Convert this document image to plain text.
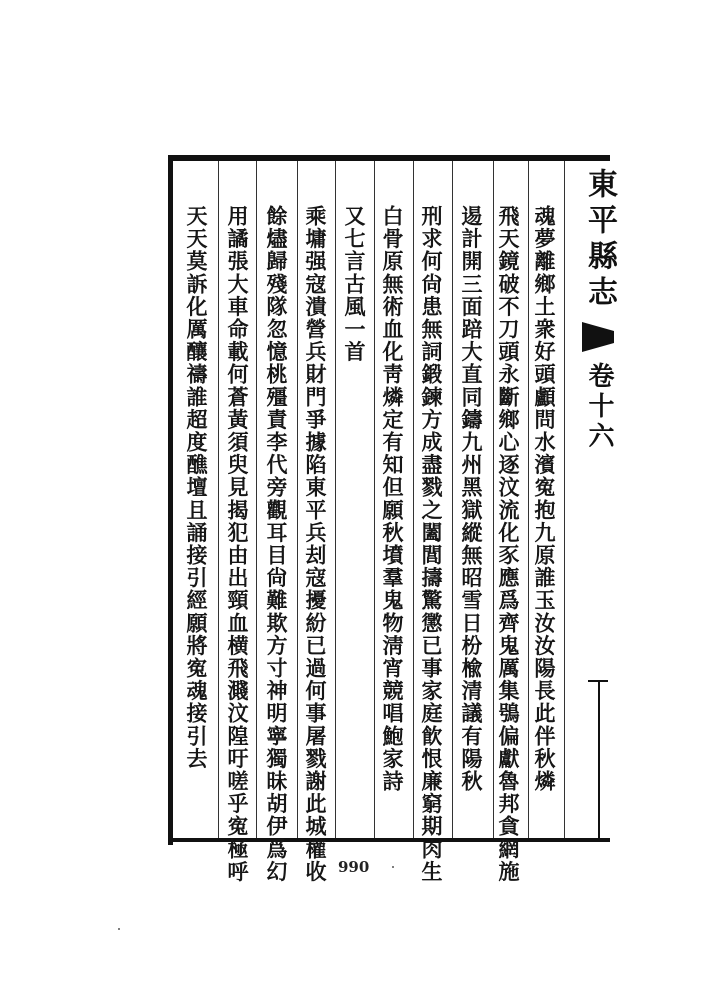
東平縣志
卷十六
魂夢離鄉土衆好頭顱問水濱寃抱九原誰玉汝汝陽長此伴秋燐
飛天鏡破不刀頭永斷鄉心逐汶流化豕應爲齊鬼厲集鴞偏獻魯邦貪網施
逷計開三面踣大直同鑄九州黑獄縱無昭雪日枌楡清議有陽秋
刑求何尙患無詞鍛鍊方成盡戮之闔閭擣驚懲已事家庭飮恨廉窮期肉生
白骨原無術血化靑燐定有知但願秋墳羣鬼物淸宵競唱鮑家詩
又七言古風一首
乘墉强寇潰營兵財門爭據陷東平兵刦寇擾紛已過何事屠戮謝此城權收
餘燼歸殘隊忽憶桃殭責李代旁觀耳目尙難欺方寸神明寧獨昧胡伊爲幻
用譎張大車命載何蒼黃須臾見揭犯由出頸血横飛濺汶隍吁嗟乎寃極呼
天天莫訴化厲釀禱誰超度醮壇且誦接引經願將寃魂接引去
990
